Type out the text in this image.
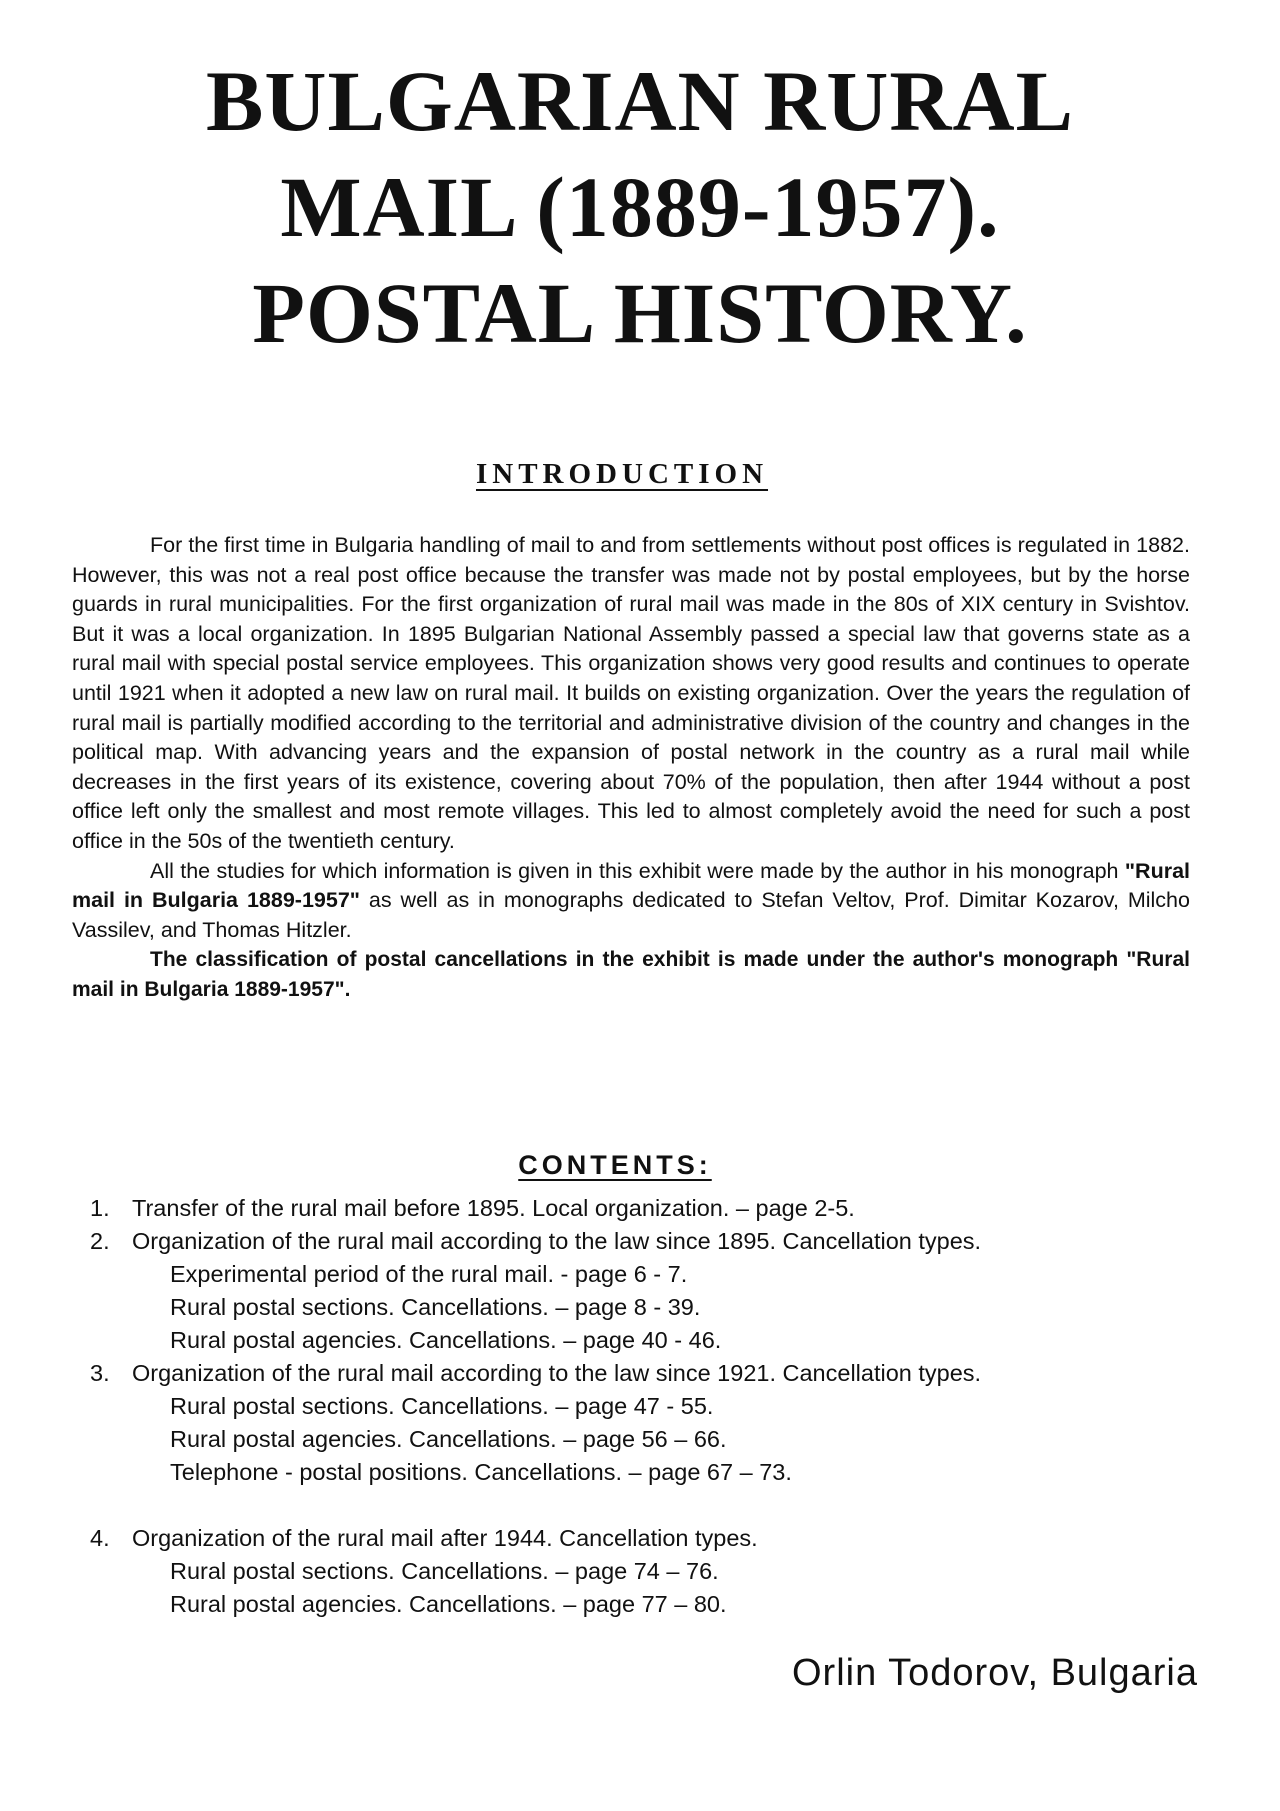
BULGARIAN RURAL
MAIL (1889-1957).
POSTAL HISTORY.
INTRODUCTION

For the first time in Bulgaria handling of mail to and from settlements without post offices is regulated in 1882. However, this was not a real post office because the transfer was made not by postal employees, but by the horse guards in rural municipalities. For the first organization of rural mail was made in the 80s of XIX century in Svishtov. But it was a local organization. In 1895 Bulgarian National Assembly passed a special law that governs state as a rural mail with special postal service employees. This organization shows very good results and continues to operate until 1921 when it adopted a new law on rural mail. It builds on existing organization. Over the years the regulation of rural mail is partially modified according to the territorial and administrative division of the country and changes in the political map. With advancing years and the expansion of postal network in the country as a rural mail while decreases in the first years of its existence, covering about 70% of the population, then after 1944 without a post office left only the smallest and most remote villages. This led to almost completely avoid the need for such a post office in the 50s of the twentieth century.

All the studies for which information is given in this exhibit were made by the author in his monograph "Rural mail in Bulgaria 1889-1957" as well as in monographs dedicated to Stefan Veltov, Prof. Dimitar Kozarov, Milcho Vassilev, and Thomas Hitzler.

The classification of postal cancellations in the exhibit is made under the author's monograph "Rural mail in Bulgaria 1889-1957".

CONTENTS:
1. Transfer of the rural mail before 1895. Local organization. – page 2-5.
2. Organization of the rural mail according to the law since 1895. Cancellation types.
Experimental period of the rural mail. - page 6 - 7.
Rural postal sections. Cancellations. – page 8 - 39.
Rural postal agencies. Cancellations. – page 40 - 46.
3. Organization of the rural mail according to the law since 1921. Cancellation types.
Rural postal sections. Cancellations. – page 47 - 55.
Rural postal agencies. Cancellations. – page 56 – 66.
Telephone - postal positions. Cancellations. – page 67 – 73.
4. Organization of the rural mail after 1944. Cancellation types.
Rural postal sections. Cancellations. – page 74 – 76.
Rural postal agencies. Cancellations. – page 77 – 80.

Orlin Todorov, Bulgaria
